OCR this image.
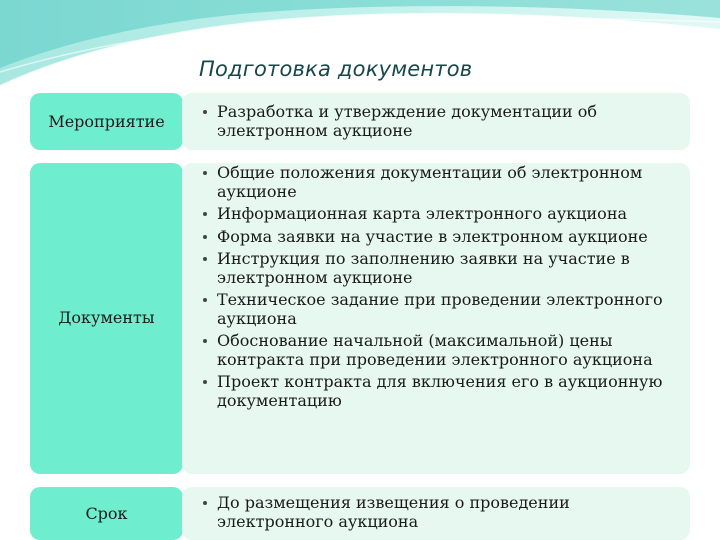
Подготовка документов
Мероприятие
Разработка и утверждение документации об электронном аукционе
Документы
Общие положения документации об электронном аукционе
Информационная карта электронного аукциона
Форма заявки на участие в электронном аукционе
Инструкция по заполнению заявки на участие в электронном аукционе
Техническое задание при проведении электронного аукциона
Обоснование начальной (максимальной) цены контракта при проведении электронного аукциона
Проект контракта для включения его в аукционную документацию
Срок
До размещения извещения о проведении электронного аукциона
